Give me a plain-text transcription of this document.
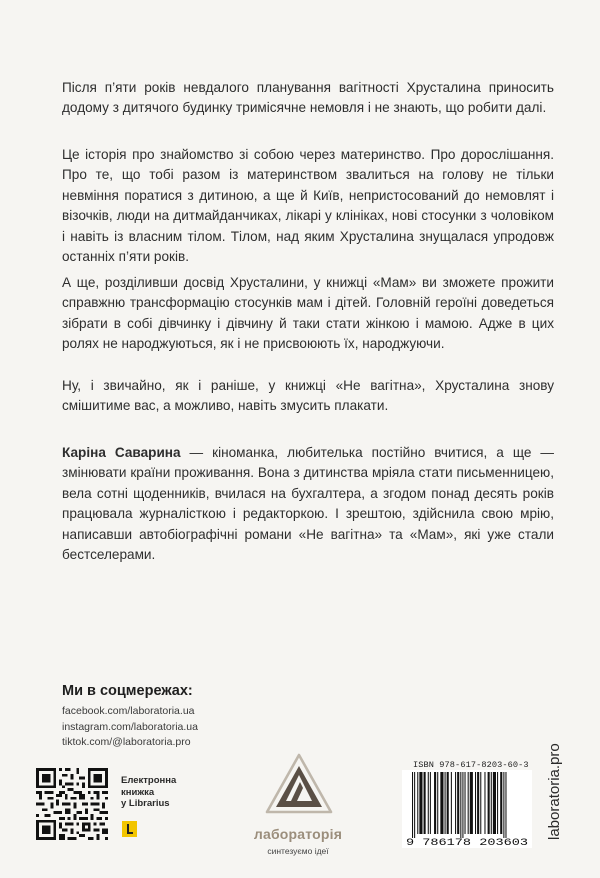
Після п’яти років невдалого планування вагітності Хрусталина приносить додому з дитячого будинку тримісячне немовля і не знають, що робити далі.

Це історія про знайомство зі собою через материнство. Про дорослішання. Про те, що тобі разом із материнством звалиться на голову не тільки невміння поратися з дитиною, а ще й Київ, непристосований до немовлят і візочків, люди на дитмайданчиках, лікарі у клініках, нові стосунки з чоловіком і навіть із власним тілом. Тілом, над яким Хрусталина знущалася упродовж останніх п’яти років.

А ще, розділивши досвід Хрусталини, у книжці «Мам» ви зможете прожити справжню трансформацію стосунків мам і дітей. Головній героїні доведеться зібрати в собі дівчинку і дівчину й таки стати жінкою і мамою. Адже в цих ролях не народжуються, як і не присвоюють їх, народжуючи.

Ну, і звичайно, як і раніше, у книжці «Не вагітна», Хрусталина знову смішитиме вас, а можливо, навіть змусить плакати.

Каріна Саварина — кіноманка, любителька постійно вчитися, а ще — змінювати країни проживання. Вона з дитинства мріяла стати письменницею, вела сотні щоденників, вчилася на бухгалтера, а згодом понад десять років працювала журналісткою і редакторкою. І зрештою, здійснила свою мрію, написавши автобіографічні романи «Не вагітна» та «Мам», які уже стали бестселерами.

Ми в соцмережах:
facebook.com/laboratoria.ua
instagram.com/laboratoria.ua
tiktok.com/@laboratoria.pro
Електронна
книжка
у Librarius
лабораторія
синтезуємо ідеї
ISBN 978-617-8203-60-3
9 786178 203603
laboratoria.pro
